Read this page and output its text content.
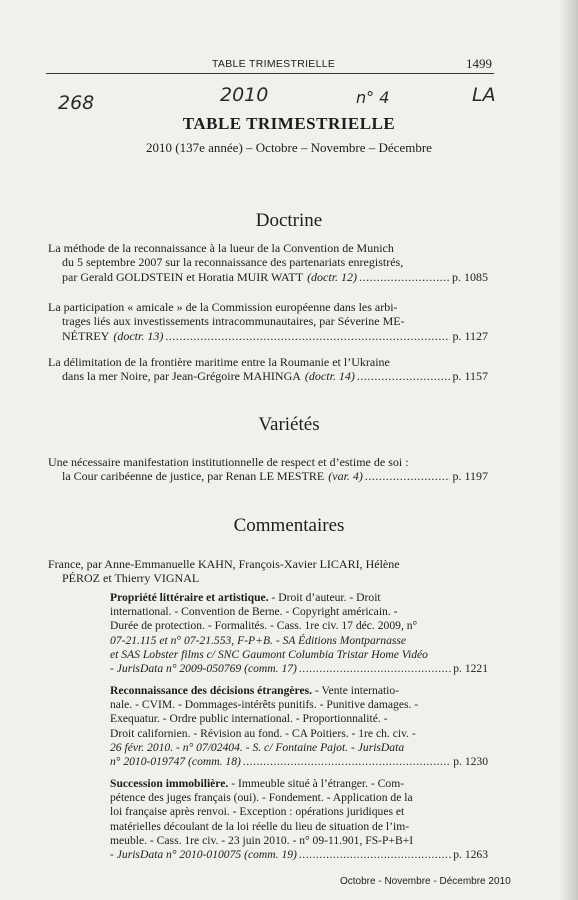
TABLE TRIMESTRIELLE	1499
268	2010	n° 4	LA
TABLE TRIMESTRIELLE
2010 (137e année) – Octobre – Novembre – Décembre
Doctrine

La méthode de la reconnaissance à la lueur de la Convention de Munich

du 5 septembre 2007 sur la reconnaissance des partenariats enregistrés,

par Gerald GOLDSTEIN et Horatia MUIR WATT (doctr. 12) .....	p. 1085

La participation « amicale » de la Commission européenne dans les arbi-

trages liés aux investissements intracommunautaires, par Séverine ME-

NÉTREY (doctr. 13) .....	p. 1127

La délimitation de la frontière maritime entre la Roumanie et l’Ukraine

dans la mer Noire, par Jean-Grégoire MAHINGA (doctr. 14) .....	p. 1157
Variétés

Une nécessaire manifestation institutionnelle de respect et d’estime de soi :

la Cour caribéenne de justice, par Renan LE MESTRE (var. 4) .....	p. 1197
Commentaires

France, par Anne-Emmanuelle KAHN, François-Xavier LICARI, Hélène

PÉROZ et Thierry VIGNAL

Propriété littéraire et artistique. - Droit d’auteur. - Droit

international. - Convention de Berne. - Copyright américain. -

Durée de protection. - Formalités. - Cass. 1re civ. 17 déc. 2009, n°

07-21.115 et n° 07-21.553, F-P+B. - SA Éditions Montparnasse

et SAS Lobster films c/ SNC Gaumont Columbia Tristar Home Vidéo

- JurisData n° 2009-050769 (comm. 17) .....	p. 1221

Reconnaissance des décisions étrangères. - Vente internatio-

nale. - CVIM. - Dommages-intérêts punitifs. - Punitive damages. -

Exequatur. - Ordre public international. - Proportionnalité. -

Droit californien. - Révision au fond. - CA Poitiers. - 1re ch. civ. -

26 févr. 2010. - n° 07/02404. - S. c/ Fontaine Pajot. - JurisData

n° 2010-019747 (comm. 18) .....	p. 1230

Succession immobilière. - Immeuble situé à l’étranger. - Com-

pétence des juges français (oui). - Fondement. - Application de la

loi française après renvoi. - Exception : opérations juridiques et

matérielles découlant de la loi réelle du lieu de situation de l’im-

meuble. - Cass. 1re civ. - 23 juin 2010. - n° 09-11.901, FS-P+B+I

- JurisData n° 2010-010075 (comm. 19) .....	p. 1263
Octobre - Novembre - Décembre 2010
